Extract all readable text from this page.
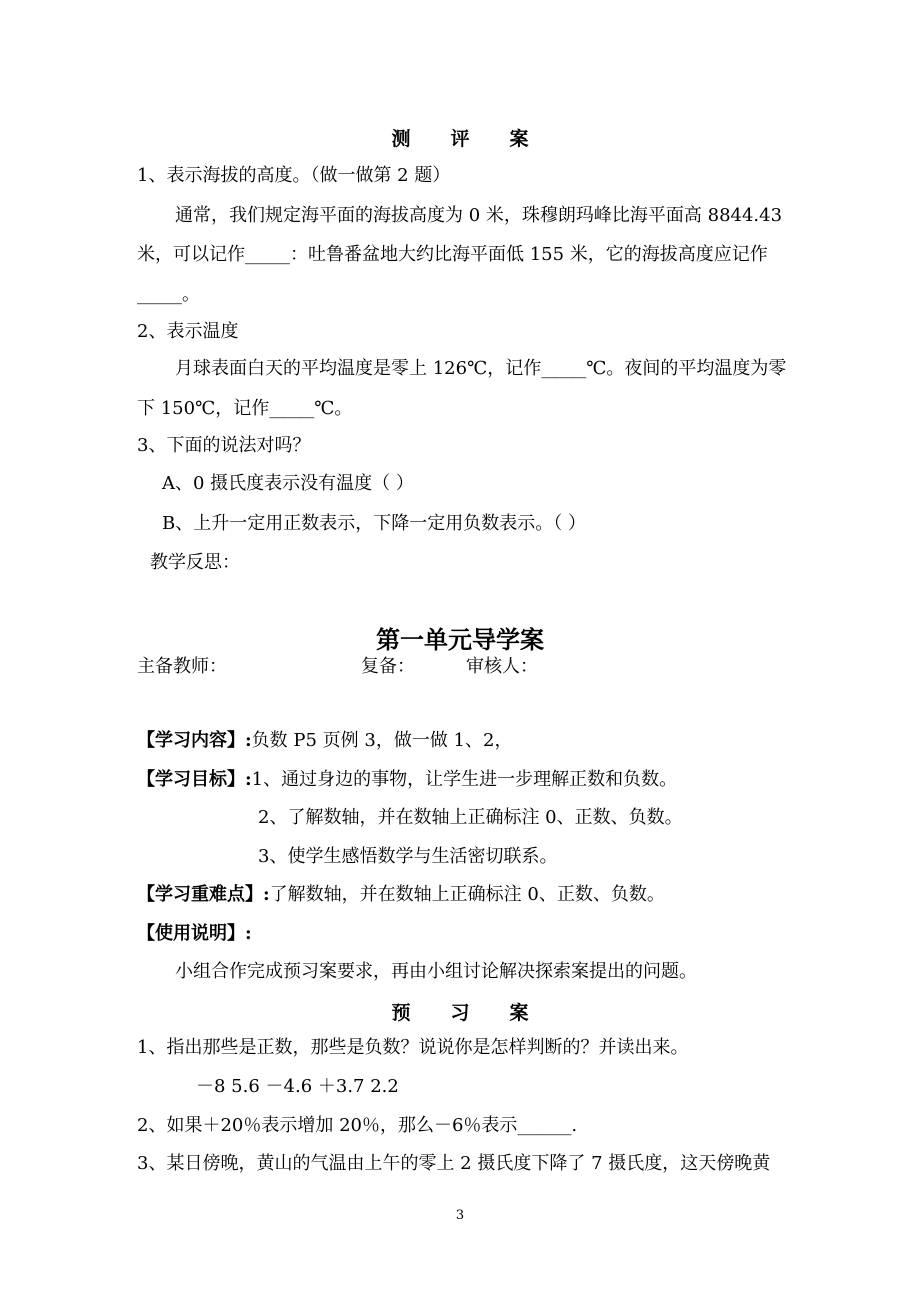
测 评 案
1、表示海拔的高度。（做一做第 2 题）
通常，我们规定海平面的海拔高度为 0 米，珠穆朗玛峰比海平面高 8844.43
米，可以记作_____：吐鲁番盆地大约比海平面低 155 米，它的海拔高度应记作
_____。
2、表示温度
月球表面白天的平均温度是零上 126℃，记作_____℃。夜间的平均温度为零
下 150℃，记作_____℃。
3、下面的说法对吗？
A、0 摄氏度表示没有温度（ ）
B、上升一定用正数表示，下降一定用负数表示。（ ）
教学反思：
第一单元导学案
主备教师：	复备：	审核人：
【学习内容】:负数 P5 页例 3，做一做 1、2，
【学习目标】:1、通过身边的事物，让学生进一步理解正数和负数。
2、了解数轴，并在数轴上正确标注 0、正数、负数。
3、使学生感悟数学与生活密切联系。
【学习重难点】:了解数轴，并在数轴上正确标注 0、正数、负数。
【使用说明】:
小组合作完成预习案要求，再由小组讨论解决探索案提出的问题。
预 习 案
1、指出那些是正数，那些是负数？说说你是怎样判断的？并读出来。
－8 5.6 －4.6 ＋3.7 2.2
2、如果＋20％表示增加 20％，那么－6％表示______.
3、某日傍晚，黄山的气温由上午的零上 2 摄氏度下降了 7 摄氏度，这天傍晚黄
3
